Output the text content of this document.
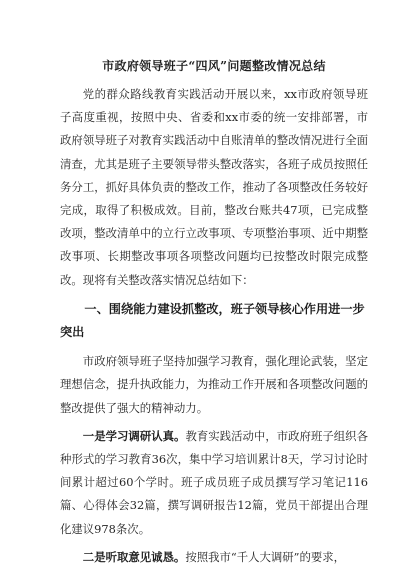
市政府领导班子“四风”问题整改情况总结

党的群众路线教育实践活动开展以来，xx市政府领导班子高度重视，按照中央、省委和xx市委的统一安排部署，市政府领导班子对教育实践活动中自账清单的整改情况进行全面清查，尤其是班子主要领导带头整改落实，各班子成员按照任务分工，抓好具体负责的整改工作，推动了各项整改任务较好完成，取得了积极成效。目前，整改台账共47项，已完成整改项，整改清单中的立行立改事项、专项整治事项、近中期整改事项、长期整改事项各项整改问题均已按整改时限完成整改。现将有关整改落实情况总结如下：

一、围绕能力建设抓整改，班子领导核心作用进一步突出

市政府领导班子坚持加强学习教育，强化理论武装，坚定理想信念，提升执政能力，为推动工作开展和各项整改问题的整改提供了强大的精神动力。

一是学习调研认真。教育实践活动中，市政府班子组织各种形式的学习教育36次，集中学习培训累计8天，学习讨论时间累计超过60个学时。班子成员班子成员撰写学习笔记116篇、心得体会32篇，撰写调研报告12篇，党员干部提出合理化建议978条次。

二是听取意见诚恳。按照我市“千人大调研”的要求，
